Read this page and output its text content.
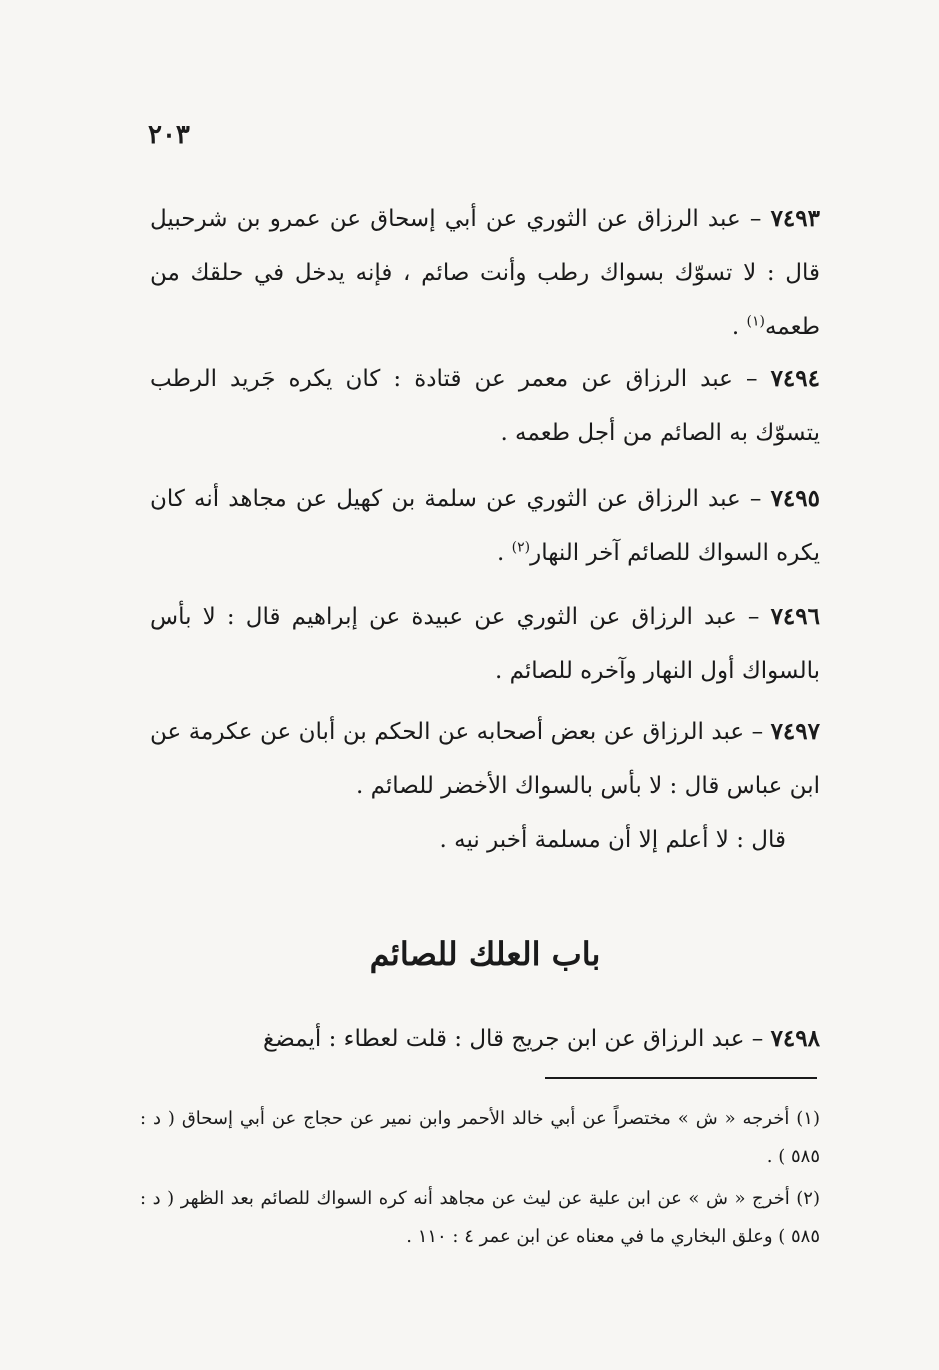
٢٠٣
٧٤٩٣ – عبد الرزاق عن الثوري عن أبي إسحاق عن عمرو بن شرحبيل قال : لا تسوّك بسواك رطب وأنت صائم ، فإنه يدخل في حلقك من طعمه$^{(١)}$ .
٧٤٩٤ – عبد الرزاق عن معمر عن قتادة : كان يكره جَريد الرطب يتسوّك به الصائم من أجل طعمه .
٧٤٩٥ – عبد الرزاق عن الثوري عن سلمة بن كهيل عن مجاهد أنه كان يكره السواك للصائم آخر النهار$^{(٢)}$ .
٧٤٩٦ – عبد الرزاق عن الثوري عن عبيدة عن إبراهيم قال : لا بأس بالسواك أول النهار وآخره للصائم .
٧٤٩٧ – عبد الرزاق عن بعض أصحابه عن الحكم بن أبان عن عكرمة عن ابن عباس قال : لا بأس بالسواك الأخضر للصائم .
قال : لا أعلم إلا أن مسلمة أخبر نيه .
باب العلك للصائم
٧٤٩٨ – عبد الرزاق عن ابن جريج قال : قلت لعطاء : أيمضغ
(١) أخرجه « ش » مختصراً عن أبي خالد الأحمر وابن نمير عن حجاج عن أبي إسحاق ( د : ٥٨٥ ) .
(٢) أخرج « ش » عن ابن علية عن ليث عن مجاهد أنه كره السواك للصائم بعد الظهر ( د : ٥٨٥ ) وعلق البخاري ما في معناه عن ابن عمر ٤ : ١١٠ .
